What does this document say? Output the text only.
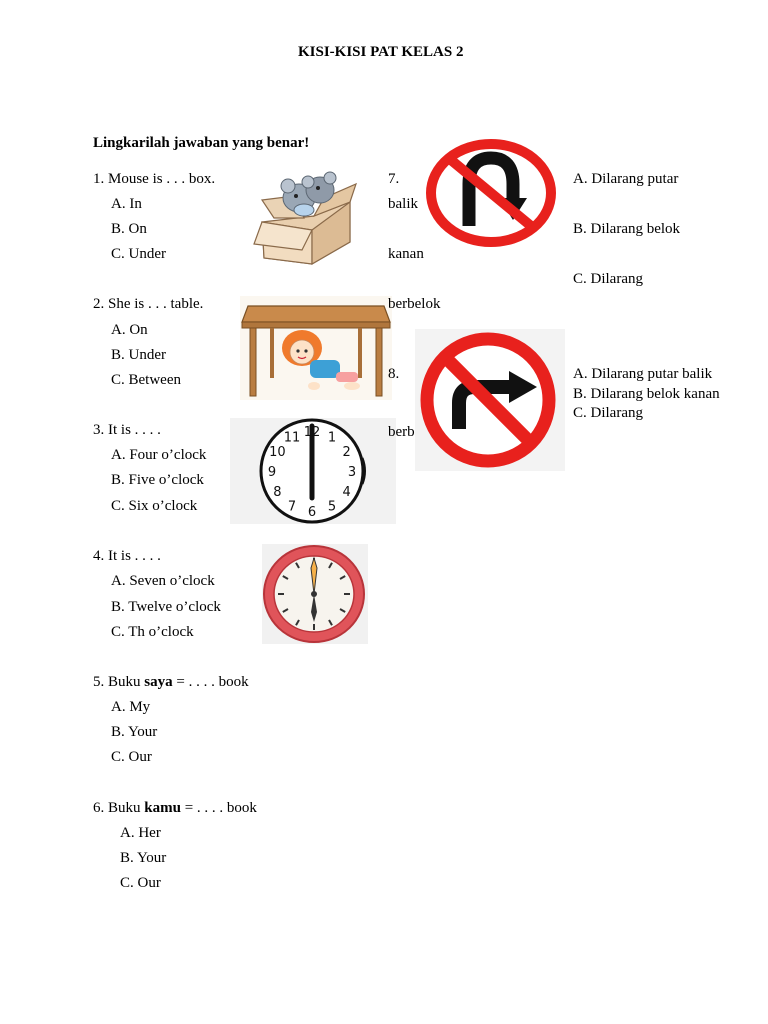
KISI-KISI PAT KELAS 2
Lingkarilah jawaban yang benar!
1. Mouse is . . . box.
A. In
B. On
C. Under
2. She is . . . table.
A. On
B. Under
C. Between
3. It is . . . .
A. Four o’clock
B. Five o’clock
C. Six o’clock
12 1
2
3
4
5
6
7
8
9
10
11
4. It is . . . .
A. Seven o’clock
B. Twelve o’clock
C. Th o’clock
5. Buku saya = . . . . book
A. My
B. Your
C. Our
6. Buku kamu = . . . . book
A. Her
B. Your
C. Our
7.
balik
kanan
berbelok
A. Dilarang putar
B. Dilarang belok
C. Dilarang
8.
berb
A. Dilarang putar balik
B. Dilarang belok kanan
C. Dilarang
